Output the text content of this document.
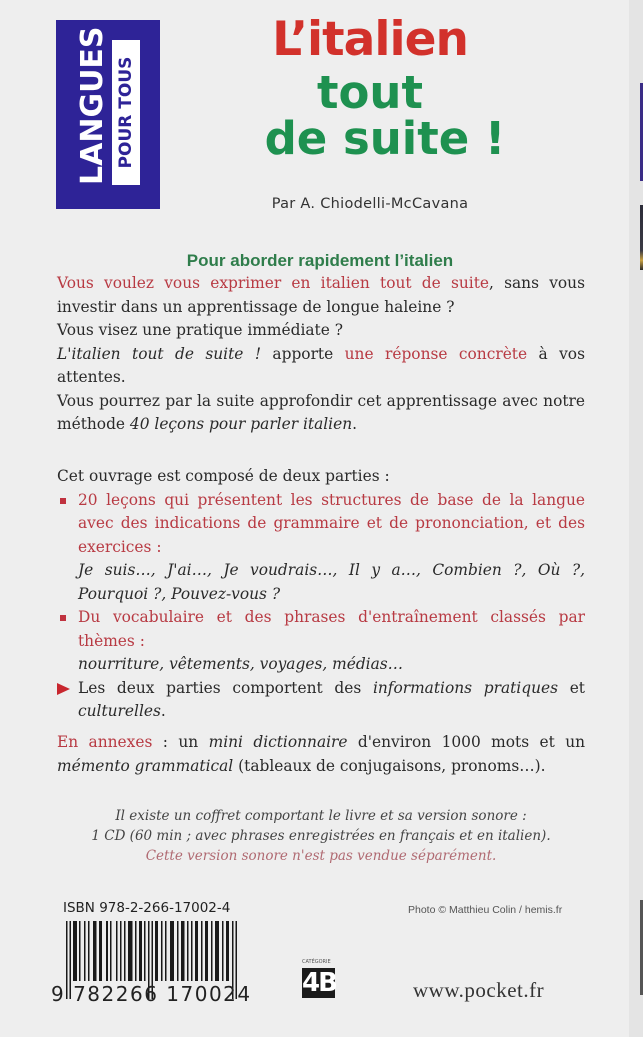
LANGUES POUR TOUS
L’italien
tout
de suite !
Par A. Chiodelli-McCavana
Pour aborder rapidement l’italien

Vous voulez vous exprimer en italien tout de suite, sans vous investir dans un apprentissage de longue haleine ?

Vous visez une pratique immédiate ?

L'italien tout de suite ! apporte une réponse concrète à vos attentes.

Vous pourrez par la suite approfondir cet apprentissage avec notre méthode 40 leçons pour parler italien.

Cet ouvrage est composé de deux parties :

20 leçons qui présentent les structures de base de la langue avec des indications de grammaire et de prononciation, et des exercices :

Je suis…, J'ai…, Je voudrais…, Il y a…, Combien ?, Où ?, Pourquoi ?, Pouvez-vous ?

Du vocabulaire et des phrases d'entraînement classés par thèmes :

nourriture, vêtements, voyages, médias…

Les deux parties comportent des informations pratiques et culturelles.

En annexes : un mini dictionnaire d'environ 1000 mots et un mémento grammatical (tableaux de conjugaisons, pronoms…).

Il existe un coffret comportant le livre et sa version sonore :

1 CD (60 min ; avec phrases enregistrées en français et en italien).

Cette version sonore n'est pas vendue séparément.

ISBN 978-2-266-17002-4
9 782266 170024
CATÉGORIE
4B
Photo © Matthieu Colin / hemis.fr
www.pocket.fr
